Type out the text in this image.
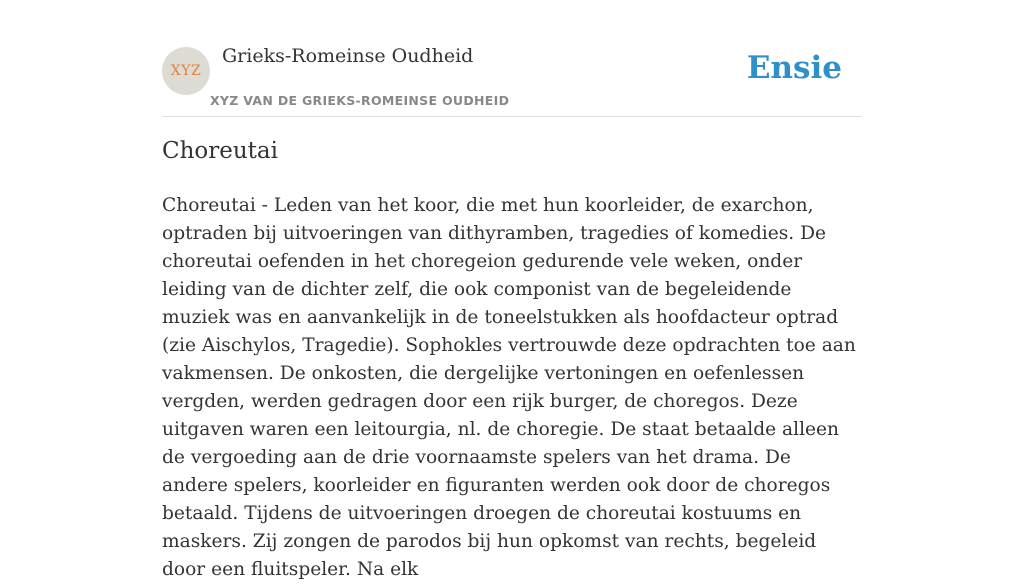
XYZ
Grieks-Romeinse Oudheid
XYZ VAN DE GRIEKS-ROMEINSE OUDHEID
Ensie
Choreutai

Choreutai - Leden van het koor, die met hun koorleider, de exarchon, optraden bij uitvoeringen van dithyramben, tragedies of komedies. De choreutai oefenden in het choregeion gedurende vele weken, onder leiding van de dichter zelf, die ook componist van de begeleidende muziek was en aanvankelijk in de toneelstukken als hoofdacteur optrad (zie Aischylos, Tragedie). Sophokles vertrouwde deze opdrachten toe aan vakmensen. De onkosten, die dergelijke vertoningen en oefenlessen vergden, werden gedragen door een rijk burger, de choregos. Deze uitgaven waren een leitourgia, nl. de choregie. De staat betaalde alleen de vergoeding aan de drie voornaamste spelers van het drama. De andere spelers, koorleider en figuranten werden ook door de choregos betaald. Tijdens de uitvoeringen droegen de choreutai kostuums en maskers. Zij zongen de parodos bij hun opkomst van rechts, begeleid door een fluitspeler. Na elk
